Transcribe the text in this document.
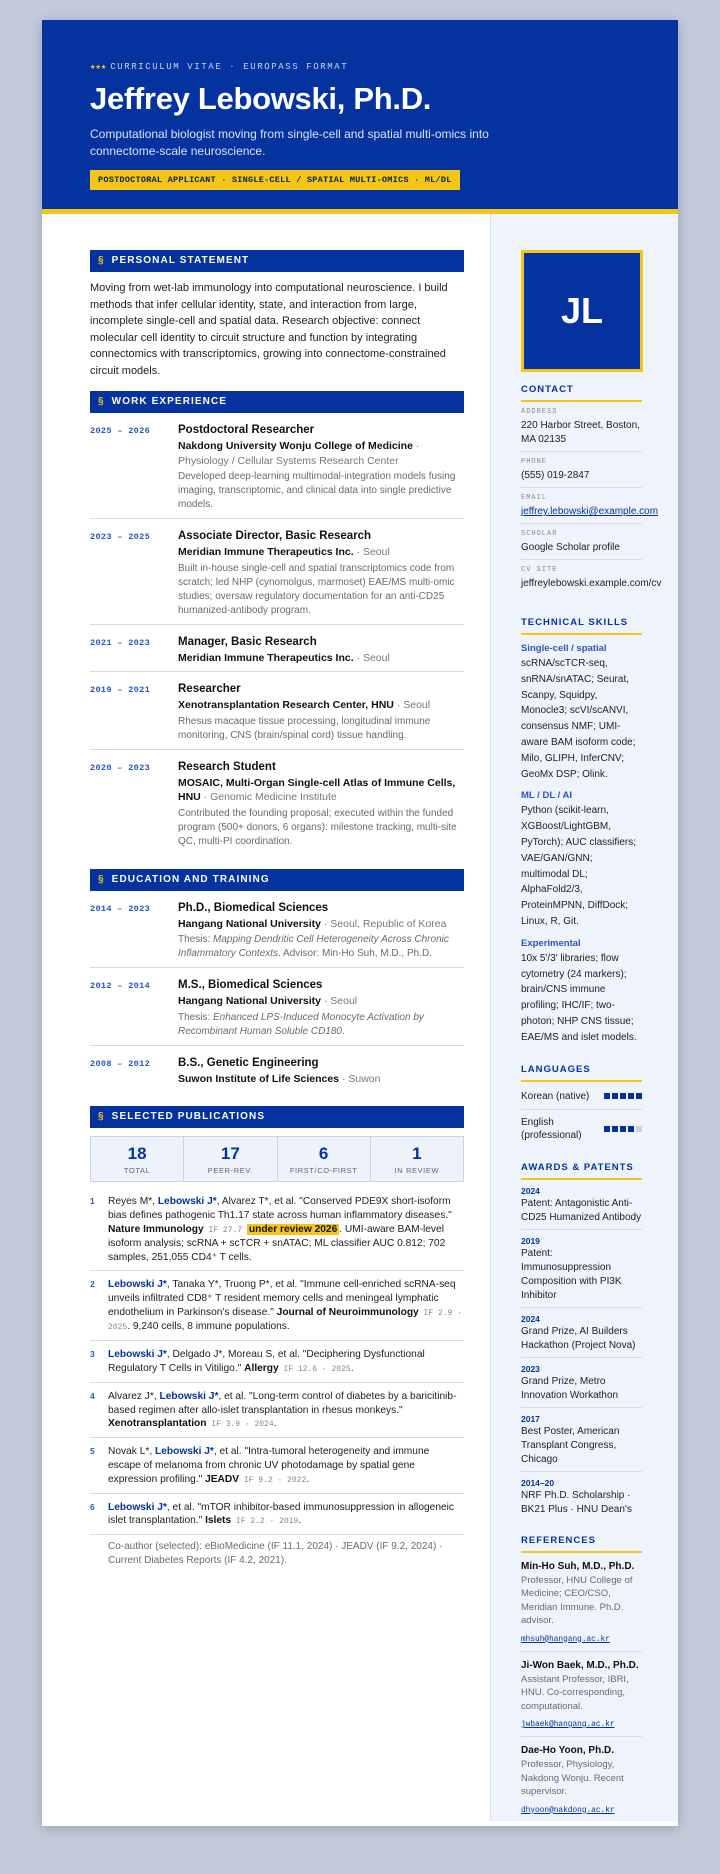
★★★ CURRICULUM VITAE · EUROPASS FORMAT
Jeffrey Lebowski, Ph.D.
Computational biologist moving from single-cell and spatial multi-omics into connectome-scale neuroscience.
POSTDOCTORAL APPLICANT · SINGLE-CELL / SPATIAL MULTI-OMICS · ML/DL
§ PERSONAL STATEMENT
Moving from wet-lab immunology into computational neuroscience. I build methods that infer cellular identity, state, and interaction from large, incomplete single-cell and spatial data. Research objective: connect molecular cell identity to circuit structure and function by integrating connectomics with transcriptomics, growing into connectome-constrained circuit models.
§ WORK EXPERIENCE
2025 – 2026	Postdoctoral Researcher
Nakdong University Wonju College of Medicine · Physiology / Cellular Systems Research Center
Developed deep-learning multimodal-integration models fusing imaging, transcriptomic, and clinical data into single predictive models.
2023 – 2025	Associate Director, Basic Research
Meridian Immune Therapeutics Inc. · Seoul
Built in-house single-cell and spatial transcriptomics code from scratch; led NHP (cynomolgus, marmoset) EAE/MS multi-omic studies; oversaw regulatory documentation for an anti-CD25 humanized-antibody program.
2021 – 2023	Manager, Basic Research
Meridian Immune Therapeutics Inc. · Seoul
2019 – 2021	Researcher
Xenotransplantation Research Center, HNU · Seoul
Rhesus macaque tissue processing, longitudinal immune monitoring, CNS (brain/spinal cord) tissue handling.
2020 – 2023	Research Student
MOSAIC, Multi-Organ Single-cell Atlas of Immune Cells, HNU · Genomic Medicine Institute
Contributed the founding proposal; executed within the funded program (500+ donors, 6 organs): milestone tracking, multi-site QC, multi-PI coordination.
§ EDUCATION AND TRAINING
2014 – 2023	Ph.D., Biomedical Sciences
Hangang National University · Seoul, Republic of Korea
Thesis: Mapping Dendritic Cell Heterogeneity Across Chronic Inflammatory Contexts. Advisor: Min-Ho Suh, M.D., Ph.D.
2012 – 2014	M.S., Biomedical Sciences
Hangang National University · Seoul
Thesis: Enhanced LPS-Induced Monocyte Activation by Recombinant Human Soluble CD180.
2008 – 2012	B.S., Genetic Engineering
Suwon Institute of Life Sciences · Suwon
§ SELECTED PUBLICATIONS
18
TOTAL
17
PEER-REV.
6
FIRST/CO-FIRST
1
IN REVIEW
1	Reyes M*, Lebowski J*, Alvarez T*, et al. "Conserved PDE9X short-isoform bias defines pathogenic Th1.17 state across human inflammatory diseases." Nature Immunology IF 27.7 under review 2026 . UMI-aware BAM-level isoform analysis; scRNA + scTCR + snATAC; ML classifier AUC 0.812; 702 samples, 251,055 CD4⁺ T cells.
2	Lebowski J*, Tanaka Y*, Truong P*, et al. "Immune cell-enriched scRNA-seq unveils infiltrated CD8⁺ T resident memory cells and meningeal lymphatic endothelium in Parkinson's disease." Journal of Neuroimmunology IF 2.9 · 2025. 9,240 cells, 8 immune populations.
3	Lebowski J*, Delgado J*, Moreau S, et al. "Deciphering Dysfunctional Regulatory T Cells in Vitiligo." Allergy IF 12.6 · 2025.
4	Alvarez J*, Lebowski J*, et al. "Long-term control of diabetes by a baricitinib-based regimen after allo-islet transplantation in rhesus monkeys." Xenotransplantation IF 3.9 · 2024.
5	Novak L*, Lebowski J*, et al. "Intra-tumoral heterogeneity and immune escape of melanoma from chronic UV photodamage by spatial gene expression profiling." JEADV IF 9.2 · 2022.
6	Lebowski J*, et al. "mTOR inhibitor-based immunosuppression in allogeneic islet transplantation." Islets IF 2.2 · 2019.
Co-author (selected): eBioMedicine (IF 11.1, 2024) · JEADV (IF 9.2, 2024) · Current Diabetes Reports (IF 4.2, 2021).
JL
CONTACT
ADDRESS
220 Harbor Street, Boston, MA 02135
PHONE
(555) 019-2847
EMAIL
jeffrey.lebowski@example.com
SCHOLAR
Google Scholar profile
CV SITE
jeffreylebowski.example.com/cv
TECHNICAL SKILLS
Single-cell / spatial
scRNA/scTCR-seq, snRNA/snATAC; Seurat, Scanpy, Squidpy, Monocle3; scVI/scANVI, consensus NMF; UMI-aware BAM isoform code; Milo, GLIPH, InferCNV; GeoMx DSP; Olink.
ML / DL / AI
Python (scikit-learn, XGBoost/LightGBM, PyTorch); AUC classifiers; VAE/GAN/GNN; multimodal DL; AlphaFold2/3, ProteinMPNN, DiffDock; Linux, R, Git.
Experimental
10x 5′/3′ libraries; flow cytometry (24 markers); brain/CNS immune profiling; IHC/IF; two-photon; NHP CNS tissue; EAE/MS and islet models.
LANGUAGES
Korean (native)
English (professional)
AWARDS & PATENTS
2024
Patent: Antagonistic Anti-CD25 Humanized Antibody
2019
Patent: Immunosuppression Composition with PI3K Inhibitor
2024
Grand Prize, AI Builders Hackathon (Project Nova)
2023
Grand Prize, Metro Innovation Workathon
2017
Best Poster, American Transplant Congress, Chicago
2014–20
NRF Ph.D. Scholarship · BK21 Plus · HNU Dean's
REFERENCES
Min-Ho Suh, M.D., Ph.D.
Professor, HNU College of Medicine; CEO/CSO, Meridian Immune. Ph.D. advisor.
mhsuh@hangang.ac.kr
Ji-Won Baek, M.D., Ph.D.
Assistant Professor, IBRI, HNU. Co-corresponding, computational.
jwbaek@hangang.ac.kr
Dae-Ho Yoon, Ph.D.
Professor, Physiology, Nakdong Wonju. Recent supervisor.
dhyoon@nakdong.ac.kr
